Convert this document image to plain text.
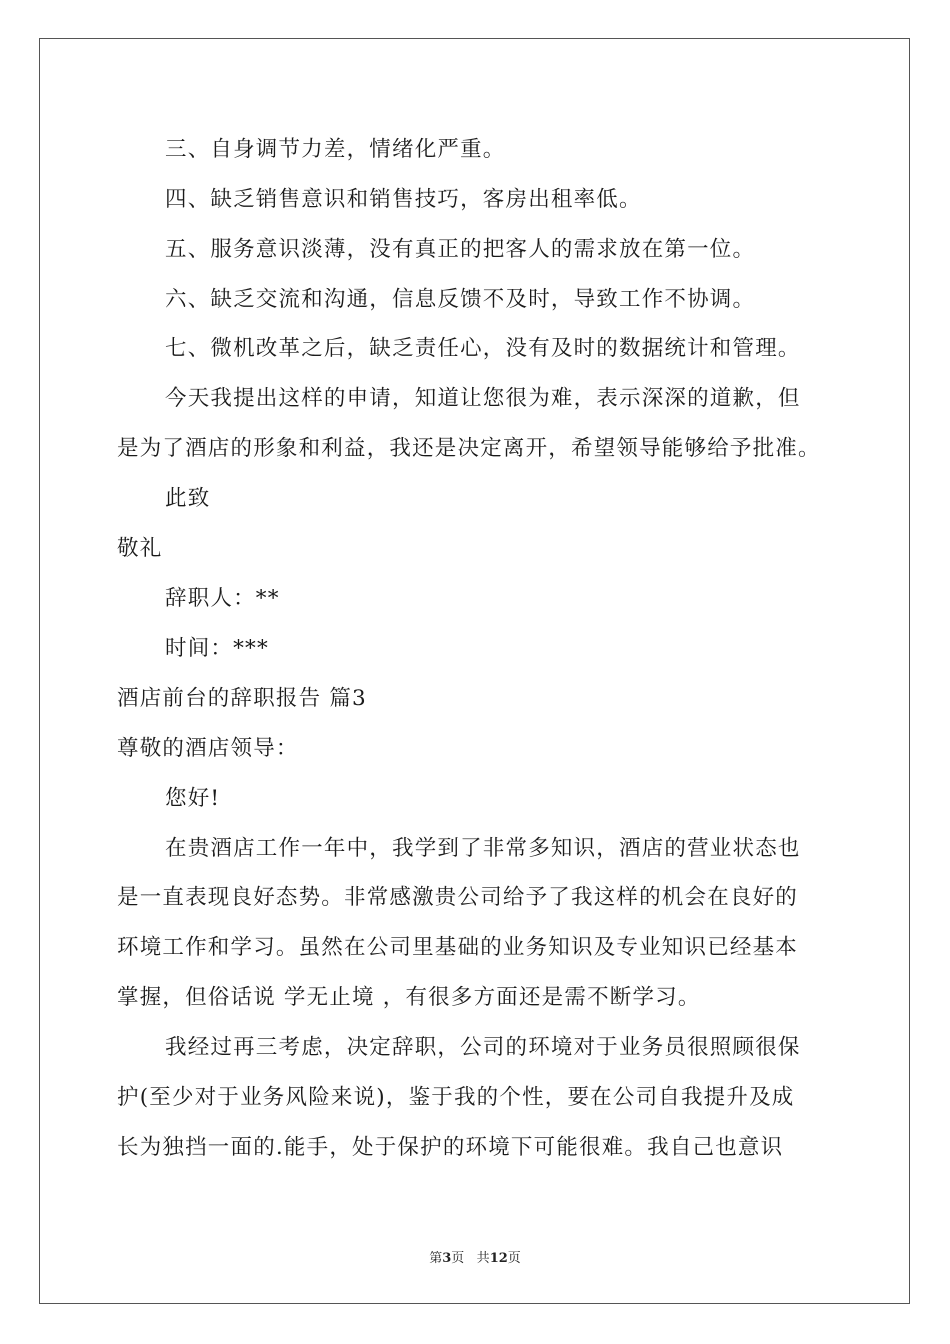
三、自身调节力差，情绪化严重。
四、缺乏销售意识和销售技巧，客房出租率低。
五、服务意识淡薄，没有真正的把客人的需求放在第一位。
六、缺乏交流和沟通，信息反馈不及时，导致工作不协调。
七、微机改革之后，缺乏责任心，没有及时的数据统计和管理。
今天我提出这样的申请，知道让您很为难，表示深深的道歉，但
是为了酒店的形象和利益，我还是决定离开，希望领导能够给予批准。
此致
敬礼
辞职人：**
时间：***
酒店前台的辞职报告 篇3
尊敬的酒店领导：
您好!
在贵酒店工作一年中，我学到了非常多知识，酒店的营业状态也
是一直表现良好态势。非常感激贵公司给予了我这样的机会在良好的
环境工作和学习。虽然在公司里基础的业务知识及专业知识已经基本
掌握，但俗话说 学无止境 ，有很多方面还是需不断学习。
我经过再三考虑，决定辞职，公司的环境对于业务员很照顾很保
护(至少对于业务风险来说)，鉴于我的个性，要在公司自我提升及成
长为独挡一面的.能手，处于保护的环境下可能很难。我自己也意识
第3页 共12页
